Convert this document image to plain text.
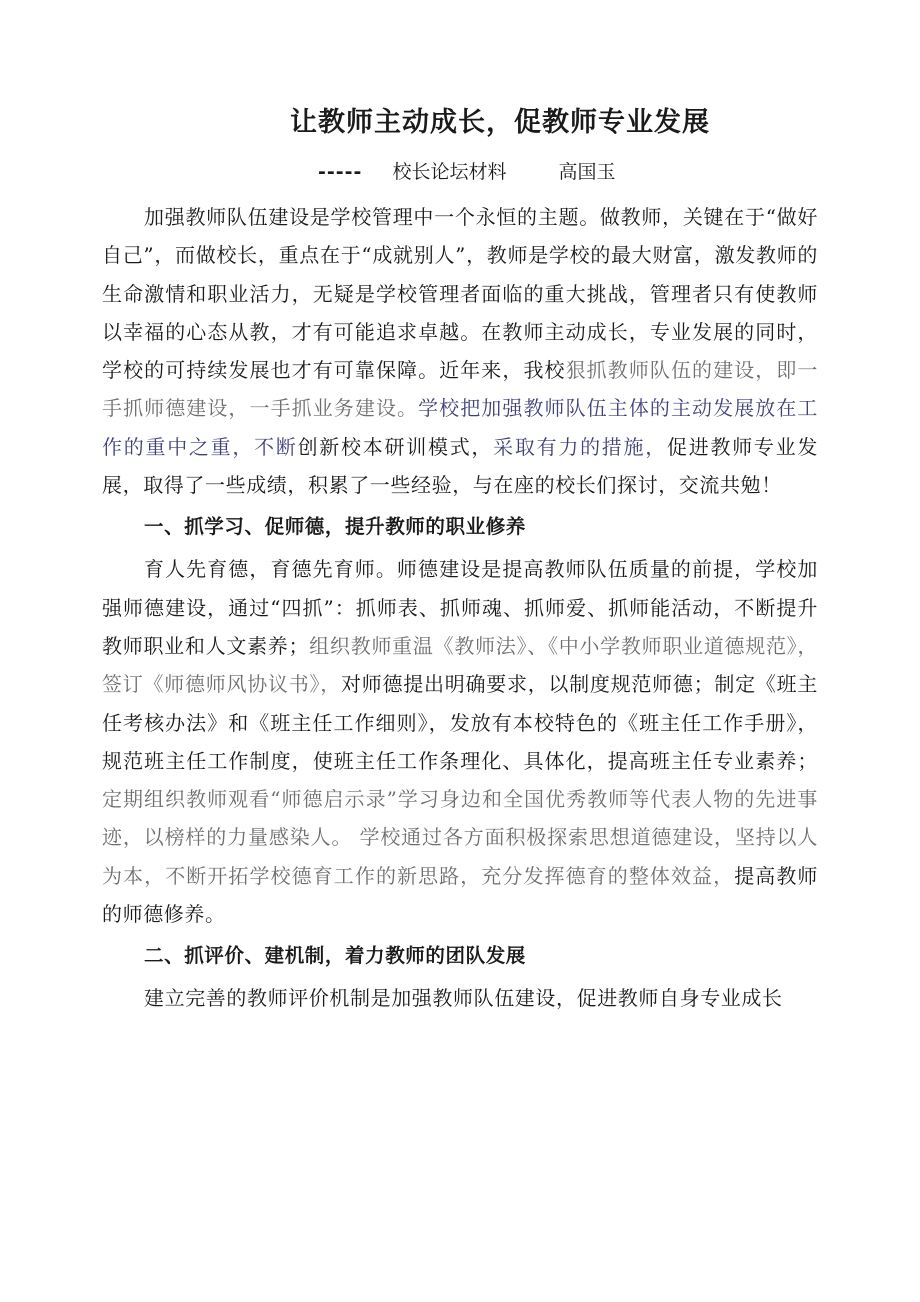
让教师主动成长，促教师专业发展
----- 校长论坛材料	高国玉

加强教师队伍建设是学校管理中一个永恒的主题。做教师，关键在于“做好自己”，而做校长，重点在于“成就别人”，教师是学校的最大财富，激发教师的生命激情和职业活力，无疑是学校管理者面临的重大挑战，管理者只有使教师以幸福的心态从教，才有可能追求卓越。在教师主动成长，专业发展的同时，学校的可持续发展也才有可靠保障。近年来，我校狠抓教师队伍的建设，即一手抓师德建设，一手抓业务建设。学校把加强教师队伍主体的主动发展放在工作的重中之重，不断创新校本研训模式，采取有力的措施，促进教师专业发展，取得了一些成绩，积累了一些经验，与在座的校长们探讨，交流共勉！

一、抓学习、促师德，提升教师的职业修养

育人先育德，育德先育师。师德建设是提高教师队伍质量的前提，学校加强师德建设，通过“四抓”：抓师表、抓师魂、抓师爱、抓师能活动，不断提升教师职业和人文素养；组织教师重温《教师法》、《中小学教师职业道德规范》，签订《师德师风协议书》，对师德提出明确要求，以制度规范师德；制定《班主任考核办法》和《班主任工作细则》，发放有本校特色的《班主任工作手册》，规范班主任工作制度，使班主任工作条理化、具体化，提高班主任专业素养；定期组织教师观看“师德启示录”学习身边和全国优秀教师等代表人物的先进事迹，以榜样的力量感染人。 学校通过各方面积极探索思想道德建设，坚持以人为本，不断开拓学校德育工作的新思路，充分发挥德育的整体效益，提高教师的师德修养。

二、抓评价、建机制，着力教师的团队发展

建立完善的教师评价机制是加强教师队伍建设，促进教师自身专业成长
